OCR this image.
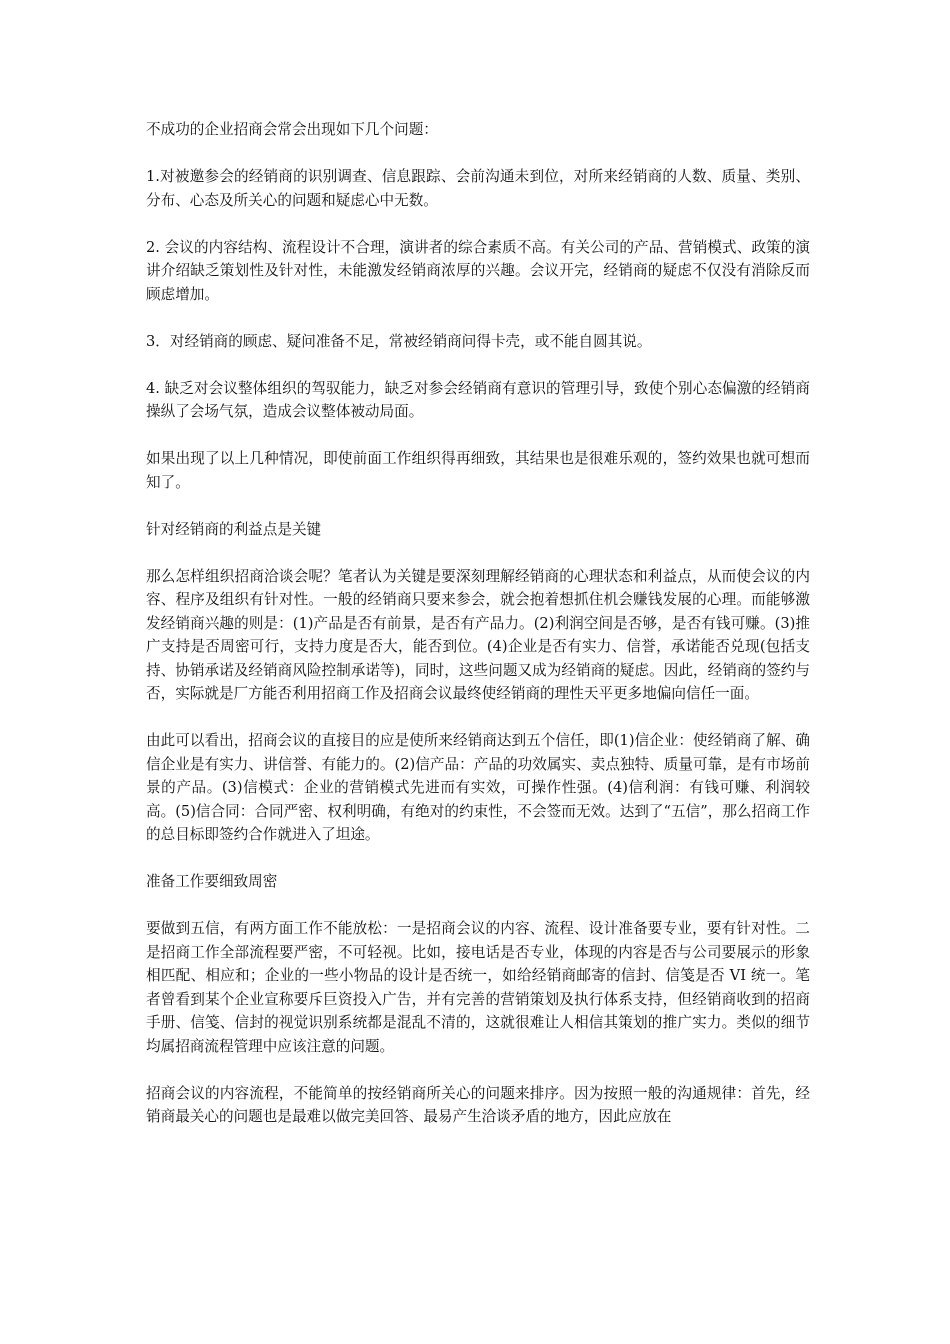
不成功的企业招商会常会出现如下几个问题：

1.对被邀参会的经销商的识别调查、信息跟踪、会前沟通未到位，对所来经销商的人数、质量、类别、分布、心态及所关心的问题和疑虑心中无数。

2. 会议的内容结构、流程设计不合理，演讲者的综合素质不高。有关公司的产品、营销模式、政策的演讲介绍缺乏策划性及针对性，未能激发经销商浓厚的兴趣。会议开完，经销商的疑虑不仅没有消除反而顾虑增加。

3．对经销商的顾虑、疑问准备不足，常被经销商问得卡壳，或不能自圆其说。

4. 缺乏对会议整体组织的驾驭能力，缺乏对参会经销商有意识的管理引导，致使个别心态偏激的经销商操纵了会场气氛，造成会议整体被动局面。

如果出现了以上几种情况，即使前面工作组织得再细致，其结果也是很难乐观的，签约效果也就可想而知了。

针对经销商的利益点是关键

那么怎样组织招商洽谈会呢？笔者认为关键是要深刻理解经销商的心理状态和利益点，从而使会议的内容、程序及组织有针对性。一般的经销商只要来参会，就会抱着想抓住机会赚钱发展的心理。而能够激发经销商兴趣的则是：(1)产品是否有前景，是否有产品力。(2)利润空间是否够，是否有钱可赚。(3)推广支持是否周密可行，支持力度是否大，能否到位。(4)企业是否有实力、信誉，承诺能否兑现(包括支持、协销承诺及经销商风险控制承诺等)，同时，这些问题又成为经销商的疑虑。因此，经销商的签约与否，实际就是厂方能否利用招商工作及招商会议最终使经销商的理性天平更多地偏向信任一面。

由此可以看出，招商会议的直接目的应是使所来经销商达到五个信任，即(1)信企业：使经销商了解、确信企业是有实力、讲信誉、有能力的。(2)信产品：产品的功效属实、卖点独特、质量可靠，是有市场前景的产品。(3)信模式：企业的营销模式先进而有实效，可操作性强。(4)信利润：有钱可赚、利润较高。(5)信合同：合同严密、权利明确，有绝对的约束性，不会签而无效。达到了“五信”，那么招商工作的总目标即签约合作就进入了坦途。

准备工作要细致周密

要做到五信，有两方面工作不能放松：一是招商会议的内容、流程、设计准备要专业，要有针对性。二是招商工作全部流程要严密，不可轻视。比如，接电话是否专业，体现的内容是否与公司要展示的形象相匹配、相应和；企业的一些小物品的设计是否统一，如给经销商邮寄的信封、信笺是否 VI 统一。笔者曾看到某个企业宣称要斥巨资投入广告，并有完善的营销策划及执行体系支持，但经销商收到的招商手册、信笺、信封的视觉识别系统都是混乱不清的，这就很难让人相信其策划的推广实力。类似的细节均属招商流程管理中应该注意的问题。

招商会议的内容流程，不能简单的按经销商所关心的问题来排序。因为按照一般的沟通规律：首先，经销商最关心的问题也是最难以做完美回答、最易产生洽谈矛盾的地方，因此应放在
